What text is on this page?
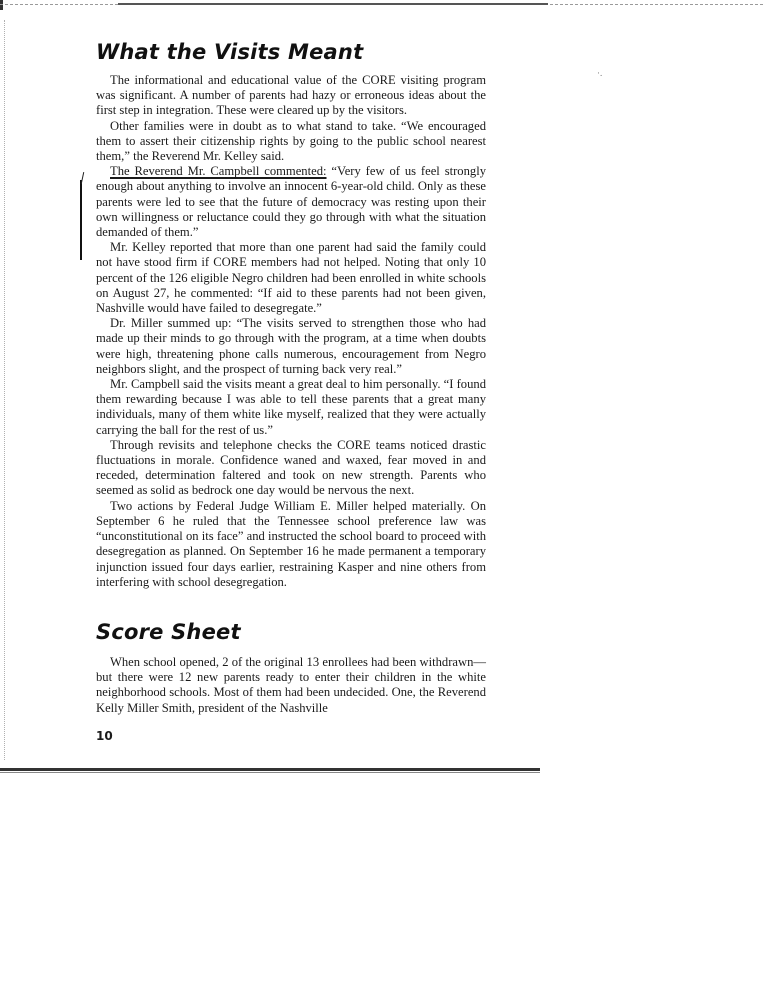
·.
What the Visits Meant

The informational and educational value of the CORE visiting program was significant. A number of parents had hazy or erroneous ideas about the first step in integration. These were cleared up by the visitors.

Other families were in doubt as to what stand to take. “We encouraged them to assert their citizenship rights by going to the public school nearest them,” the Reverend Mr. Kelley said.

The Reverend Mr. Campbell commented: “Very few of us feel strongly enough about anything to involve an innocent 6-year-old child. Only as these parents were led to see that the future of democracy was resting upon their own willingness or reluctance could they go through with what the situation demanded of them.”

Mr. Kelley reported that more than one parent had said the family could not have stood firm if CORE members had not helped. Noting that only 10 percent of the 126 eligible Negro children had been enrolled in white schools on August 27, he commented: “If aid to these parents had not been given, Nashville would have failed to desegregate.”

Dr. Miller summed up: “The visits served to strengthen those who had made up their minds to go through with the program, at a time when doubts were high, threatening phone calls numerous, encouragement from Negro neighbors slight, and the prospect of turning back very real.”

Mr. Campbell said the visits meant a great deal to him personally. “I found them rewarding because I was able to tell these parents that a great many individuals, many of them white like myself, realized that they were actually carrying the ball for the rest of us.”

Through revisits and telephone checks the CORE teams noticed drastic fluctuations in morale. Confidence waned and waxed, fear moved in and receded, determination faltered and took on new strength. Parents who seemed as solid as bedrock one day would be nervous the next.

Two actions by Federal Judge William E. Miller helped materially. On September 6 he ruled that the Tennessee school preference law was “unconstitutional on its face” and instructed the school board to proceed with desegregation as planned. On September 16 he made permanent a temporary injunction issued four days earlier, restraining Kasper and nine others from interfering with school desegregation.

Score Sheet

When school opened, 2 of the original 13 enrollees had been withdrawn—but there were 12 new parents ready to enter their children in the white neighborhood schools. Most of them had been undecided. One, the Reverend Kelly Miller Smith, president of the Nashville

10
